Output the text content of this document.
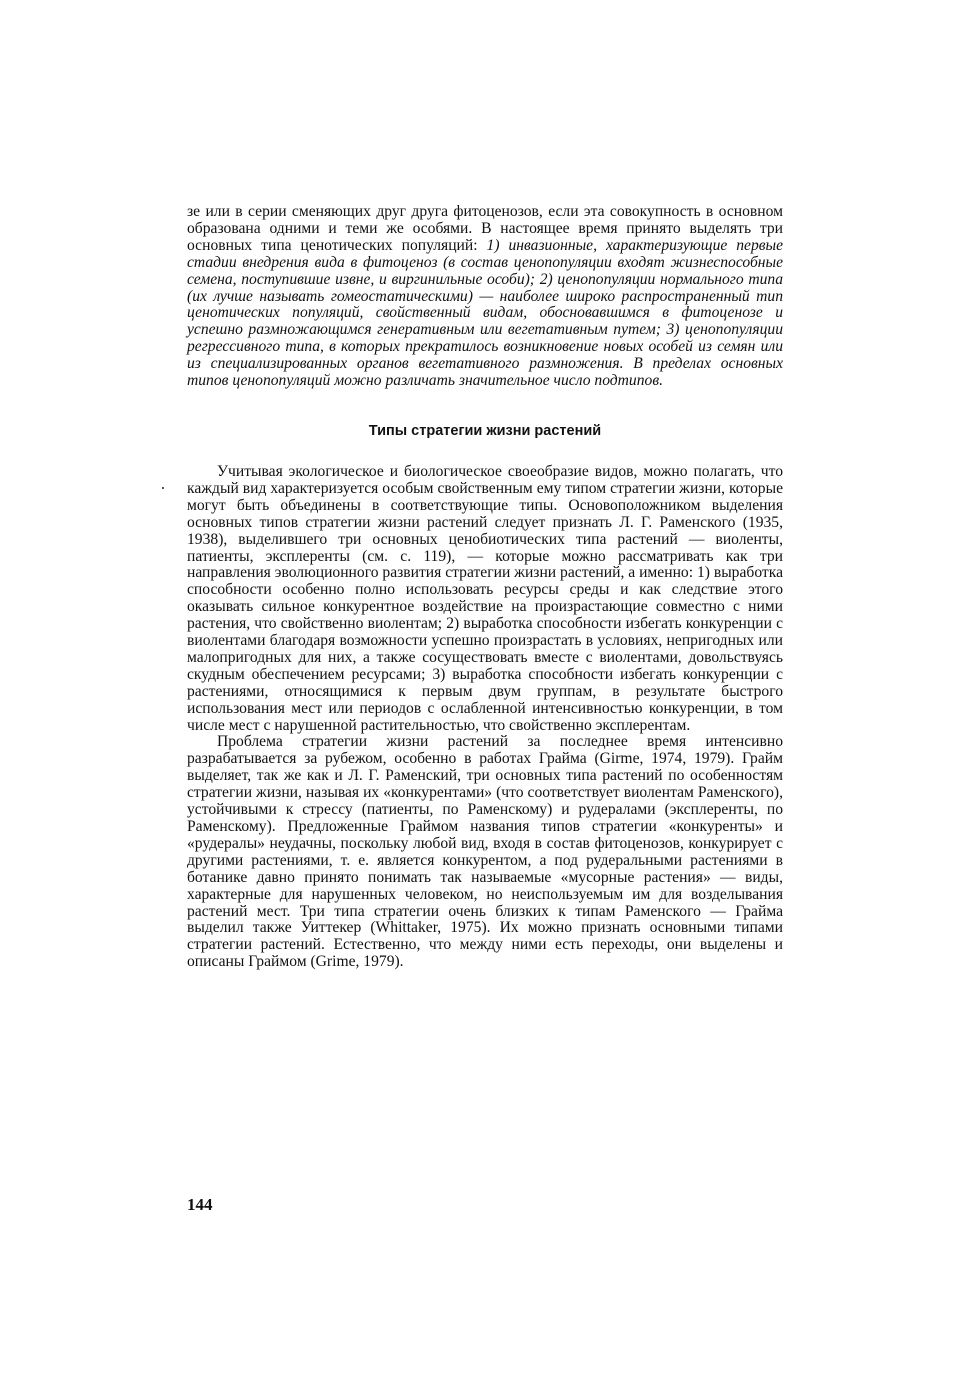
зе или в серии сменяющих друг друга фитоценозов, если эта совокупность в основном образована одними и теми же особями. В настоящее время принято выделять три основных типа ценотических популяций: 1) инвазионные, характеризующие первые стадии внедрения вида в фитоценоз (в состав ценопопуляции входят жизнеспособные семена, поступившие извне, и виргинильные особи); 2) ценопопуляции нормального типа (их лучше называть гомеостатическими) — наиболее широко распространенный тип ценотических популяций, свойственный видам, обосновавшимся в фитоценозе и успешно размножающимся генеративным или вегетативным путем; 3) ценопопуляции регрессивного типа, в которых прекратилось возникновение новых особей из семян или из специализированных органов вегетативного размножения. В пределах основных типов ценопопуляций можно различать значительное число подтипов.

Типы стратегии жизни растений

Учитывая экологическое и биологическое своеобразие видов, можно полагать, что каждый вид характеризуется особым свойственным ему типом стратегии жизни, которые могут быть объединены в соответствующие типы. Основоположником выделения основных типов стратегии жизни растений следует признать Л. Г. Раменского (1935, 1938), выделившего три основных ценобиотических типа растений — виоленты, патиенты, эксплеренты (см. с. 119), — которые можно рассматривать как три направления эволюционного развития стратегии жизни растений, а именно: 1) выработка способности особенно полно использовать ресурсы среды и как следствие этого оказывать сильное конкурентное воздействие на произрастающие совместно с ними растения, что свойственно виолентам; 2) выработка способности избегать конкуренции с виолентами благодаря возможности успешно произрастать в условиях, непригодных или малопригодных для них, а также сосуществовать вместе с виолентами, довольствуясь скудным обеспечением ресурсами; 3) выработка способности избегать конкуренции с растениями, относящимися к первым двум группам, в результате быстрого использования мест или периодов с ослабленной интенсивностью конкуренции, в том числе мест с нарушенной растительностью, что свойственно эксплерентам.

Проблема стратегии жизни растений за последнее время интенсивно разрабатывается за рубежом, особенно в работах Грайма (Girme, 1974, 1979). Грайм выделяет, так же как и Л. Г. Раменский, три основных типа растений по особенностям стратегии жизни, называя их «конкурентами» (что соответствует виолентам Раменского), устойчивыми к стрессу (патиенты, по Раменскому) и рудералами (эксплеренты, по Раменскому). Предложенные Граймом названия типов стратегии «конкуренты» и «рудералы» неудачны, поскольку любой вид, входя в состав фитоценозов, конкурирует с другими растениями, т. е. является конкурентом, а под рудеральными растениями в ботанике давно принято понимать так называемые «мусорные растения» — виды, характерные для нарушенных человеком, но неиспользуемым им для возделывания растений мест. Три типа стратегии очень близких к типам Раменского — Грайма выделил также Уиттекер (Whittaker, 1975). Их можно признать основными типами стратегии растений. Естественно, что между ними есть переходы, они выделены и описаны Граймом (Grime, 1979).

144
